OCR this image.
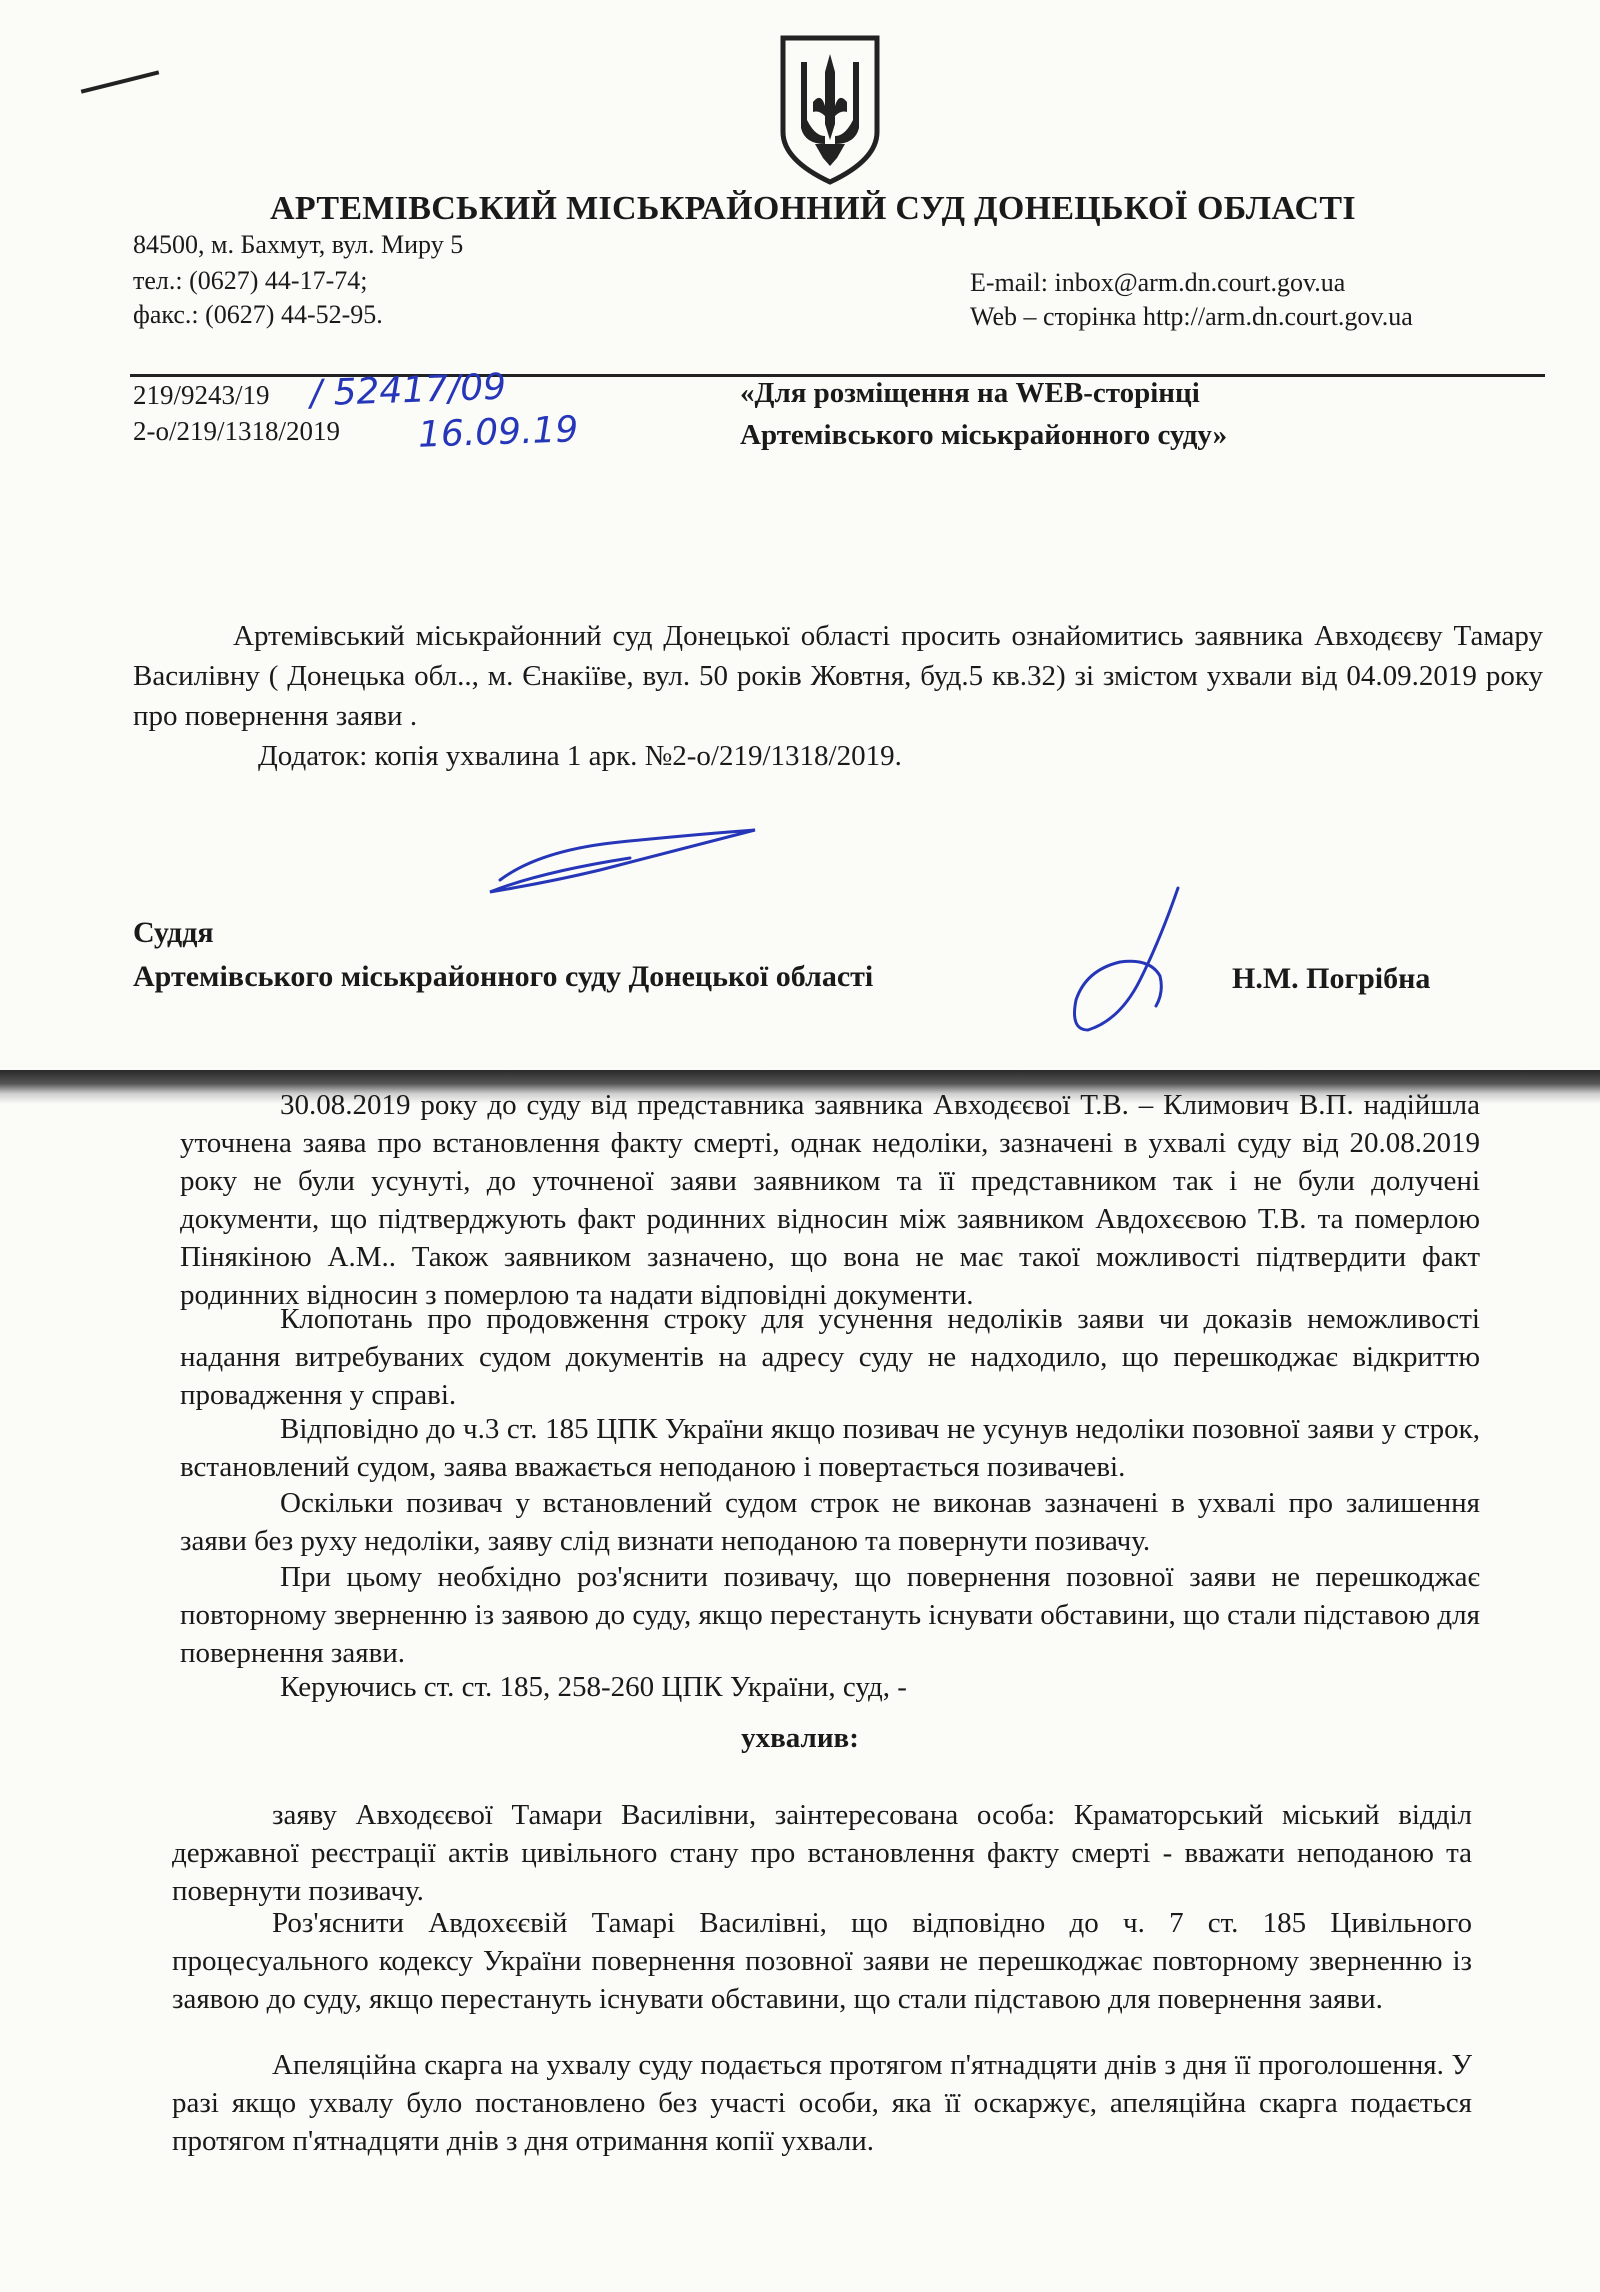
АРТЕМІВСЬКИЙ МІСЬКРАЙОННИЙ СУД ДОНЕЦЬКОЇ ОБЛАСТІ
84500, м. Бахмут, вул. Миру 5
тел.: (0627) 44-17-74;
факс.: (0627) 44-52-95.
E-mail: inbox@arm.dn.court.gov.ua
Web – сторінка http://arm.dn.court.gov.ua
219/9243/19
2-о/219/1318/2019
/ 52417/09
16.09.19
«Для розміщення на WEB-сторінці
Артемівського міськрайонного суду»
Артемівський міськрайонний суд Донецької області просить ознайомитись заявника Авходєєву Тамару Василівну ( Донецька обл.., м. Єнакіїве, вул. 50 років Жовтня, буд.5 кв.32) зі змістом ухвали від 04.09.2019 року про повернення заяви .
Додаток: копія ухвалина 1 арк. №2-о/219/1318/2019.
Суддя
Артемівського міськрайонного суду Донецької області	Н.М. Погрібна
30.08.2019 року до суду від представника заявника Авходєєвої Т.В. – Климович В.П. надійшла уточнена заява про встановлення факту смерті, однак недоліки, зазначені в ухвалі суду від 20.08.2019 року не були усунуті, до уточненої заяви заявником та її представником так і не були долучені документи, що підтверджують факт родинних відносин між заявником Авдохєєвою Т.В. та померлою Пінякіною А.М.. Також заявником зазначено, що вона не має такої можливості підтвердити факт родинних відносин з померлою та надати відповідні документи.
Клопотань про продовження строку для усунення недоліків заяви чи доказів неможливості надання витребуваних судом документів на адресу суду не надходило, що перешкоджає відкриттю провадження у справі.
Відповідно до ч.3 ст. 185 ЦПК України якщо позивач не усунув недоліки позовної заяви у строк, встановлений судом, заява вважається неподаною і повертається позивачеві.
Оскільки позивач у встановлений судом строк не виконав зазначені в ухвалі про залишення заяви без руху недоліки, заяву слід визнати неподаною та повернути позивачу.
При цьому необхідно роз'яснити позивачу, що повернення позовної заяви не перешкоджає повторному зверненню із заявою до суду, якщо перестануть існувати обставини, що стали підставою для повернення заяви.
Керуючись ст. ст. 185, 258-260 ЦПК України, суд, -
ухвалив:
заяву Авходєєвої Тамари Василівни, заінтересована особа: Краматорський міський відділ державної реєстрації актів цивільного стану про встановлення факту смерті - вважати неподаною та повернути позивачу.
Роз'яснити Авдохєєвій Тамарі Василівні, що відповідно до ч. 7 ст. 185 Цивільного процесуального кодексу України повернення позовної заяви не перешкоджає повторному зверненню із заявою до суду, якщо перестануть існувати обставини, що стали підставою для повернення заяви.
Апеляційна скарга на ухвалу суду подається протягом п'ятнадцяти днів з дня її проголошення. У разі якщо ухвалу було постановлено без участі особи, яка її оскаржує, апеляційна скарга подається протягом п'ятнадцяти днів з дня отримання копії ухвали.
